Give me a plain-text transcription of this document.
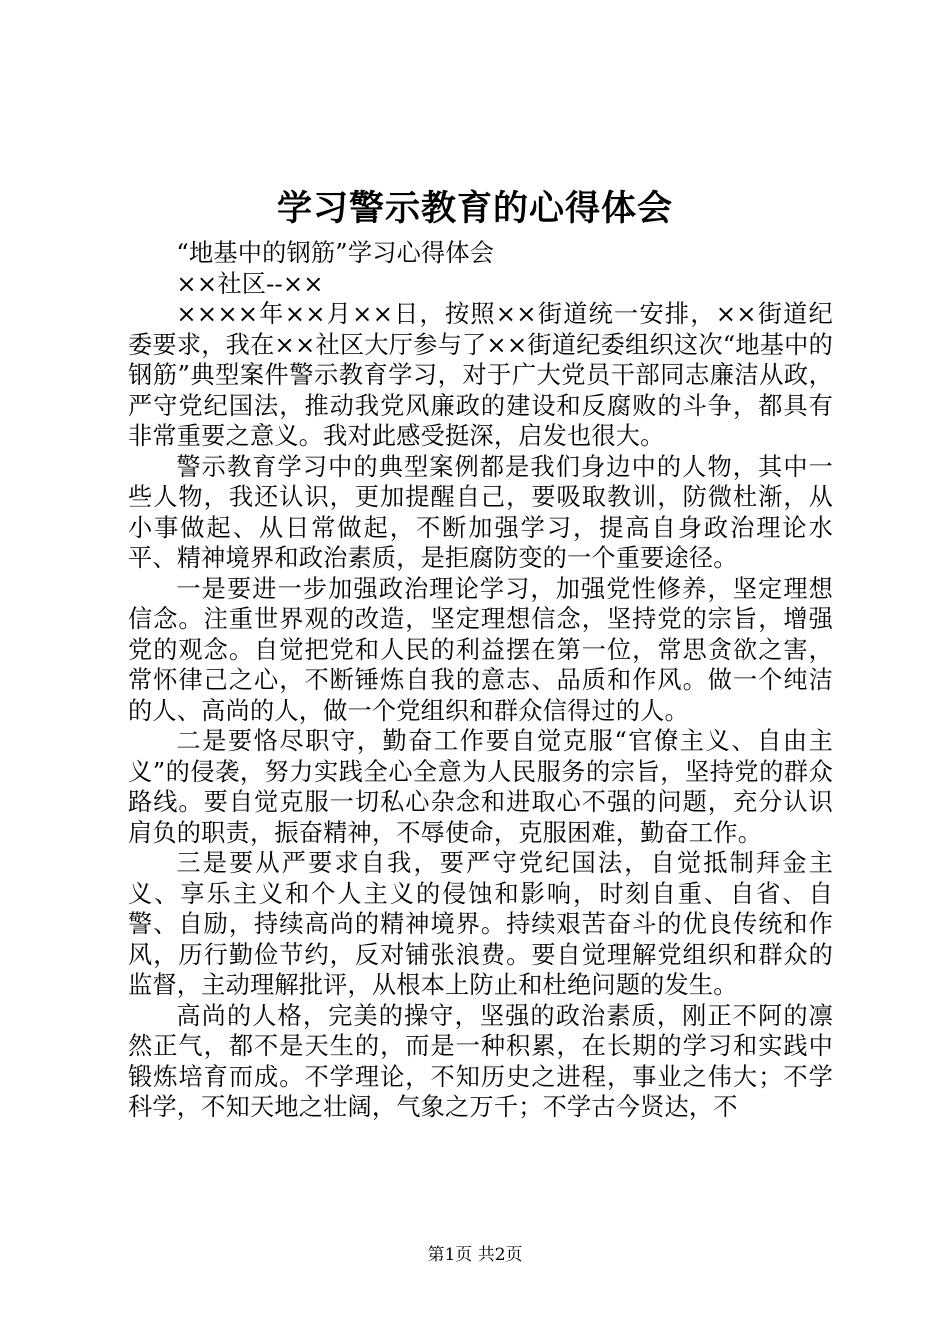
学习警示教育的心得体会

“地基中的钢筋”学习心得体会

××社区--××

××××年××月××日，按照××街道统一安排，××街道纪委要求，我在××社区大厅参与了××街道纪委组织这次“地基中的钢筋”典型案件警示教育学习，对于广大党员干部同志廉洁从政，严守党纪国法，推动我党风廉政的建设和反腐败的斗争，都具有非常重要之意义。我对此感受挺深，启发也很大。

警示教育学习中的典型案例都是我们身边中的人物，其中一些人物，我还认识，更加提醒自己，要吸取教训，防微杜渐，从小事做起、从日常做起，不断加强学习，提高自身政治理论水平、精神境界和政治素质，是拒腐防变的一个重要途径。

一是要进一步加强政治理论学习，加强党性修养，坚定理想信念。注重世界观的改造，坚定理想信念，坚持党的宗旨，增强党的观念。自觉把党和人民的利益摆在第一位，常思贪欲之害，常怀律己之心，不断锤炼自我的意志、品质和作风。做一个纯洁的人、高尚的人，做一个党组织和群众信得过的人。

二是要恪尽职守，勤奋工作要自觉克服“官僚主义、自由主义”的侵袭，努力实践全心全意为人民服务的宗旨，坚持党的群众路线。要自觉克服一切私心杂念和进取心不强的问题，充分认识肩负的职责，振奋精神，不辱使命，克服困难，勤奋工作。

三是要从严要求自我，要严守党纪国法，自觉抵制拜金主义、享乐主义和个人主义的侵蚀和影响，时刻自重、自省、自警、自励，持续高尚的精神境界。持续艰苦奋斗的优良传统和作风，历行勤俭节约，反对铺张浪费。要自觉理解党组织和群众的监督，主动理解批评，从根本上防止和杜绝问题的发生。

高尚的人格，完美的操守，坚强的政治素质，刚正不阿的凛然正气，都不是天生的，而是一种积累，在长期的学习和实践中锻炼培育而成。不学理论，不知历史之进程，事业之伟大；不学科学，不知天地之壮阔，气象之万千；不学古今贤达，不

第1页 共2页
